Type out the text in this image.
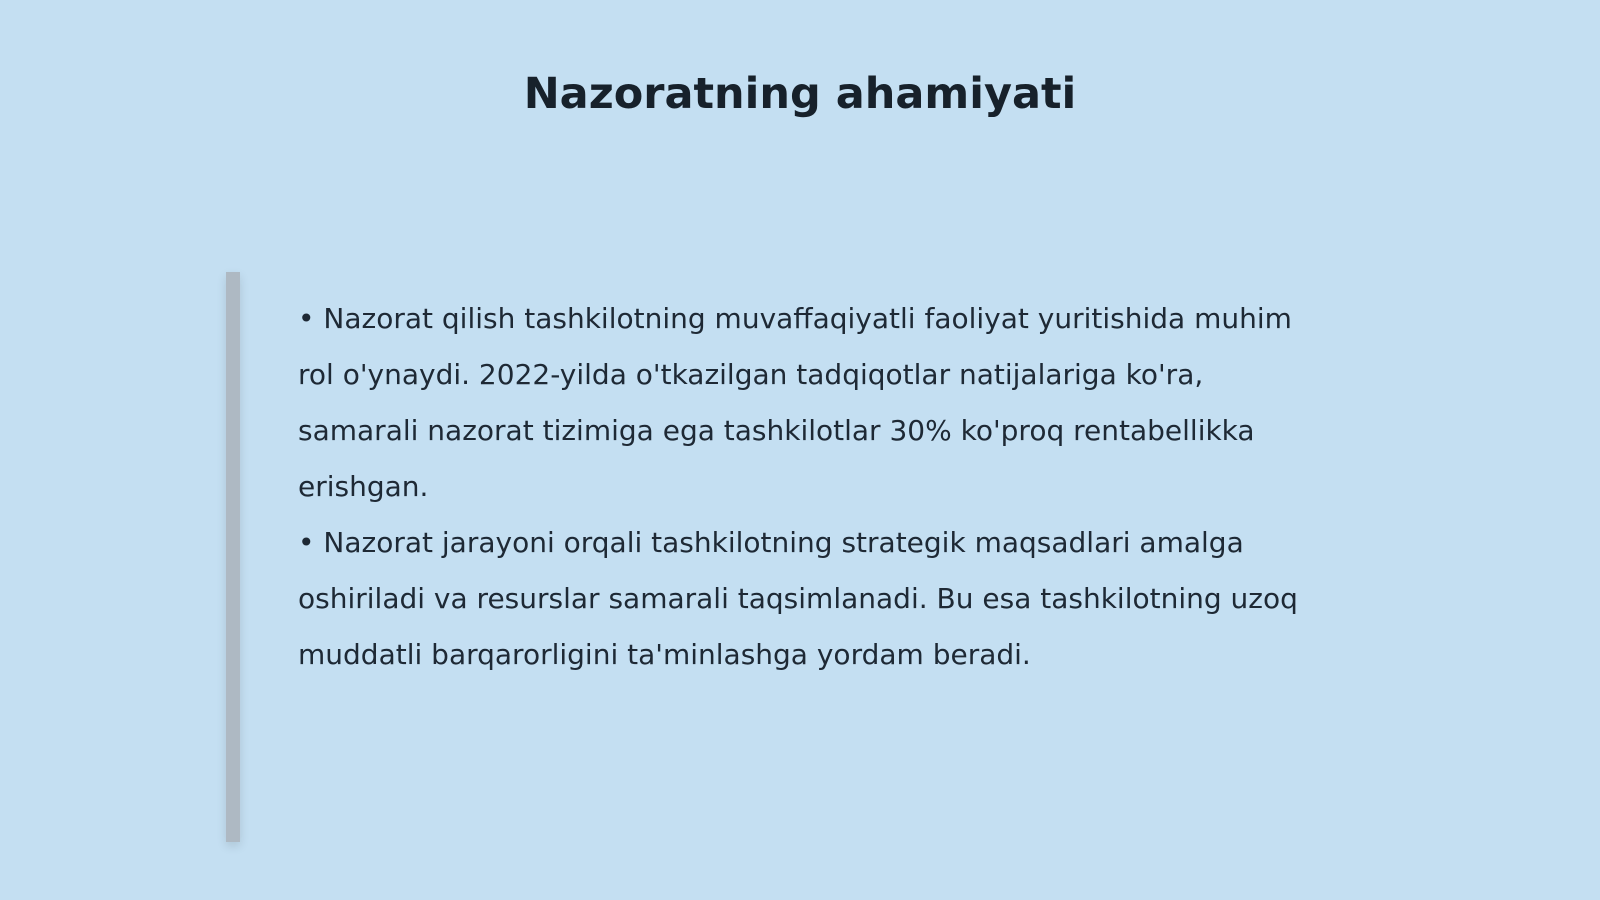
Nazoratning ahamiyati

• Nazorat qilish tashkilotning muvaffaqiyatli faoliyat yuritishida muhim rol o'ynaydi. 2022-yilda o'tkazilgan tadqiqotlar natijalariga ko'ra, samarali nazorat tizimiga ega tashkilotlar 30% ko'proq rentabellikka erishgan.

• Nazorat jarayoni orqali tashkilotning strategik maqsadlari amalga oshiriladi va resurslar samarali taqsimlanadi. Bu esa tashkilotning uzoq muddatli barqarorligini ta'minlashga yordam beradi.
